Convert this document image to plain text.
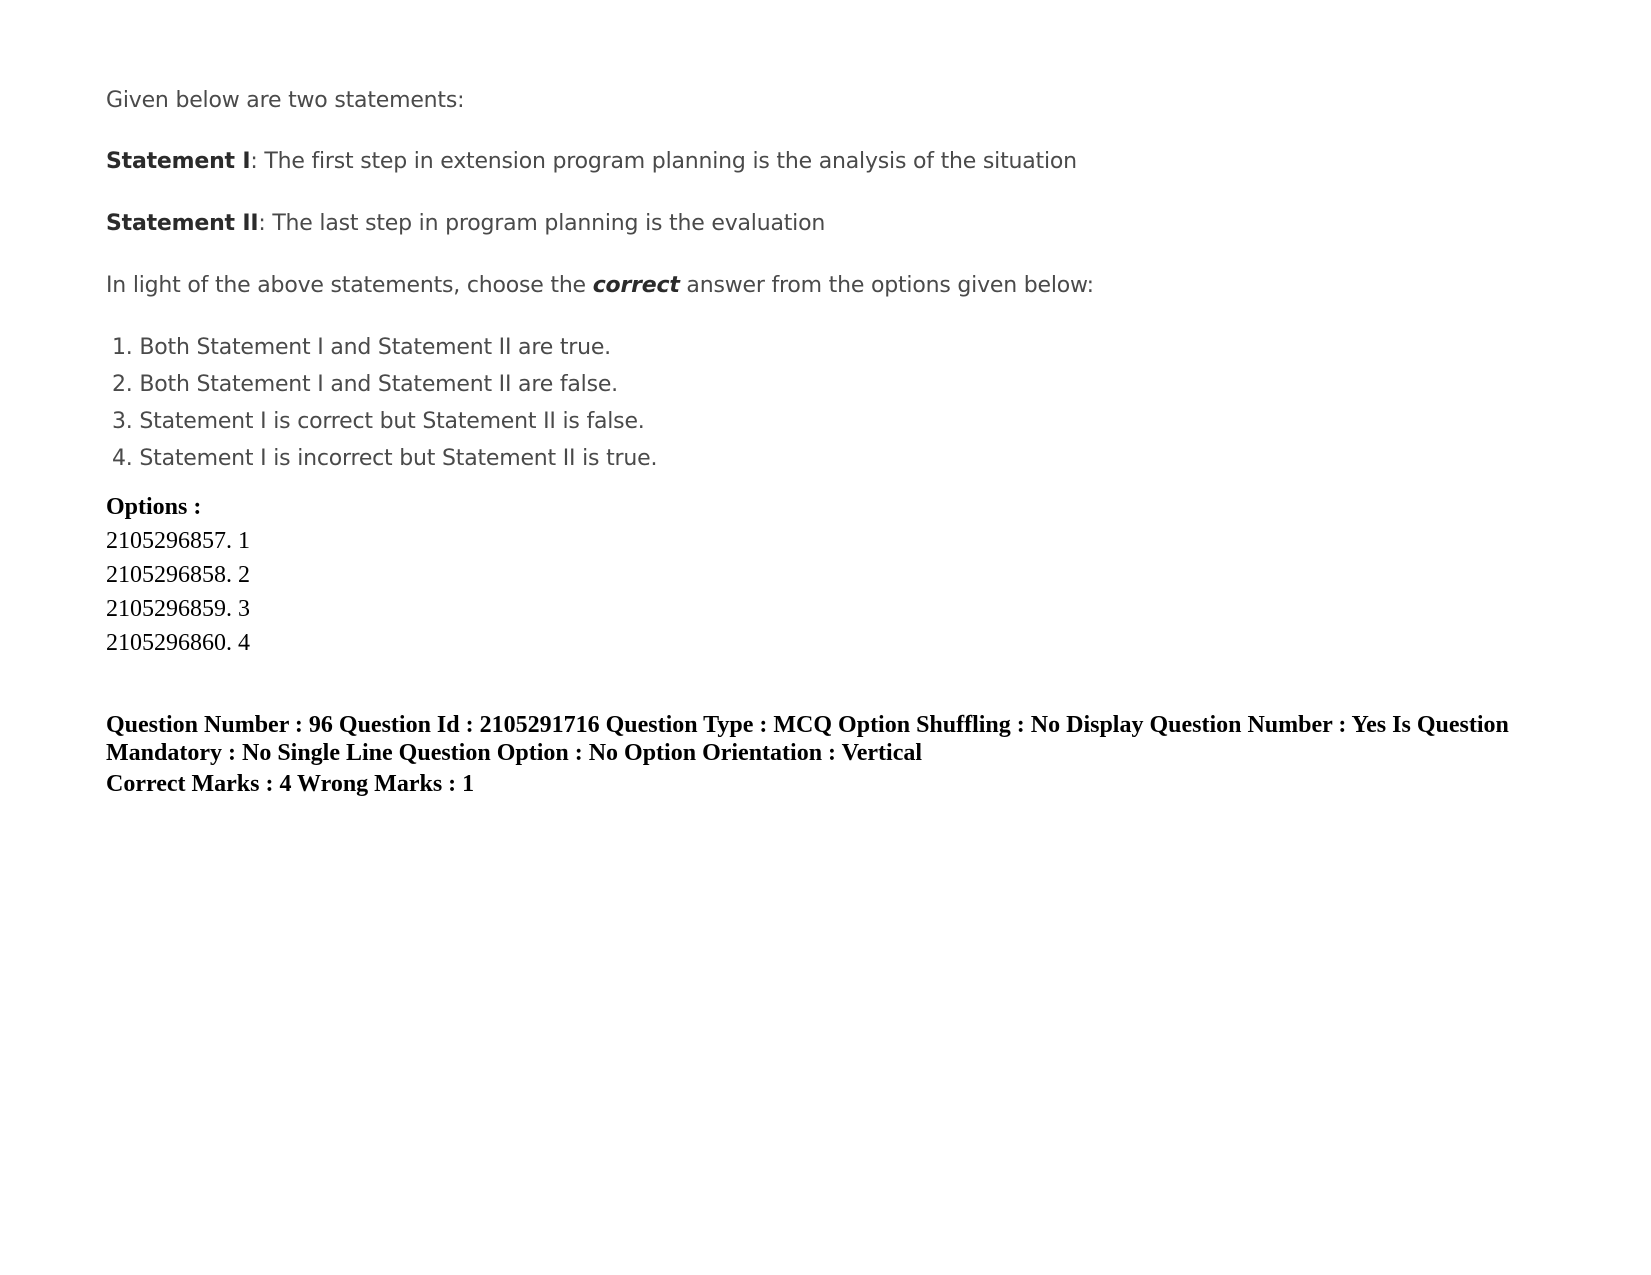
Given below are two statements:
Statement I: The first step in extension program planning is the analysis of the situation
Statement II: The last step in program planning is the evaluation
In light of the above statements, choose the correct answer from the options given below:
1. Both Statement I and Statement II are true.
2. Both Statement I and Statement II are false.
3. Statement I is correct but Statement II is false.
4. Statement I is incorrect but Statement II is true.
Options :
2105296857. 1
2105296858. 2
2105296859. 3
2105296860. 4
Question Number : 96 Question Id : 2105291716 Question Type : MCQ Option Shuffling : No Display Question Number : Yes Is Question Mandatory : No Single Line Question Option : No Option Orientation : Vertical
Correct Marks : 4 Wrong Marks : 1
